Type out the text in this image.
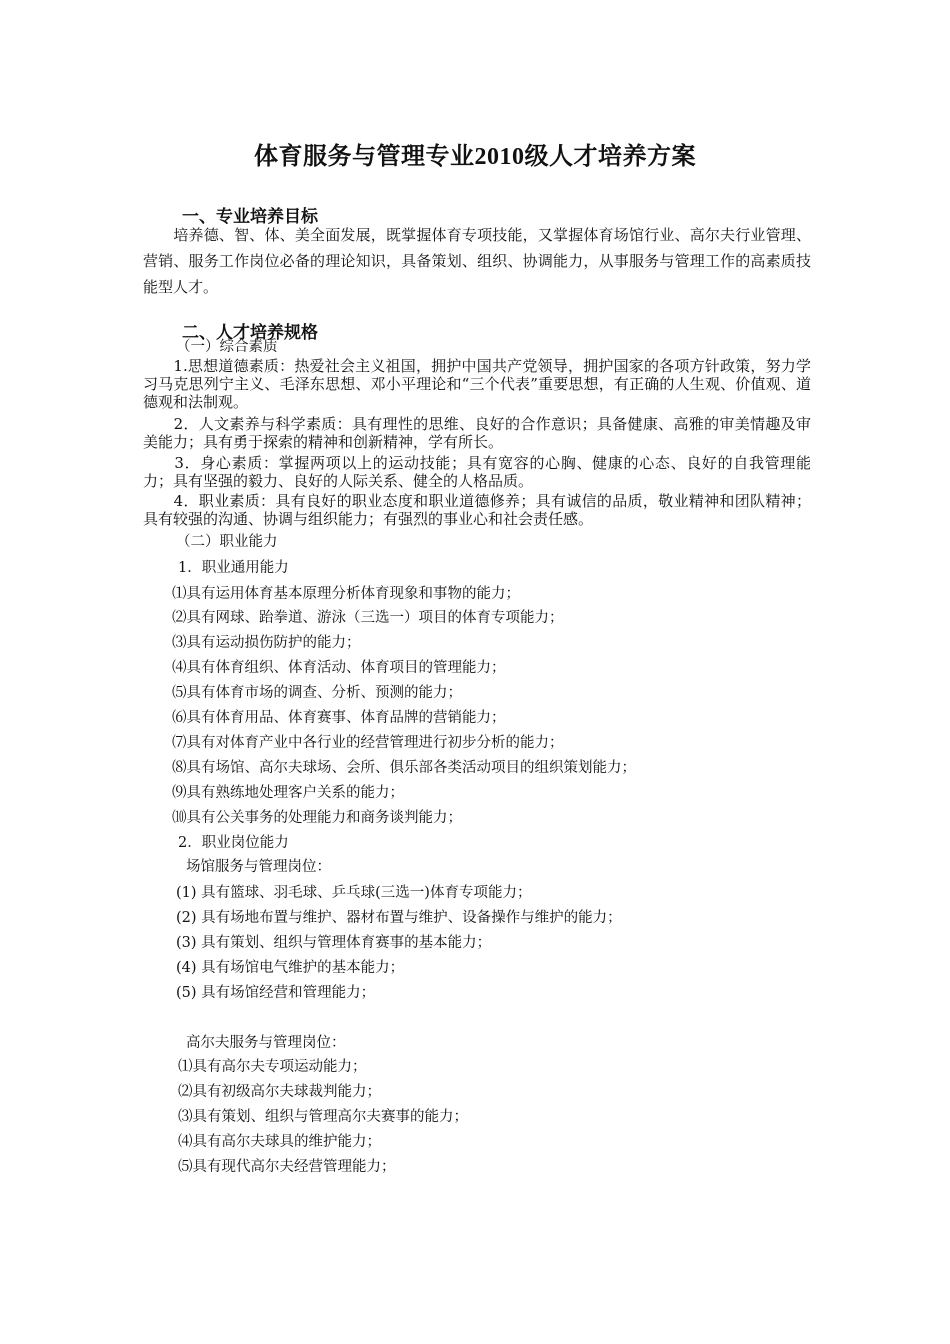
体育服务与管理专业2010级人才培养方案
一、专业培养目标
　　培养德、智、体、美全面发展，既掌握体育专项技能，又掌握体育场馆行业、高尔夫行业管理、营销、服务工作岗位必备的理论知识，具备策划、组织、协调能力，从事服务与管理工作的高素质技能型人才。
二、人才培养规格
（一）综合素质
　　1.思想道德素质：热爱社会主义祖国，拥护中国共产党领导，拥护国家的各项方针政策，努力学习马克思列宁主义、毛泽东思想、邓小平理论和“三个代表”重要思想，有正确的人生观、价值观、道德观和法制观。
　　2．人文素养与科学素质：具有理性的思维、良好的合作意识；具备健康、高雅的审美情趣及审美能力；具有勇于探索的精神和创新精神，学有所长。
　　3．身心素质：掌握两项以上的运动技能；具有宽容的心胸、健康的心态、良好的自我管理能力；具有坚强的毅力、良好的人际关系、健全的人格品质。
　　4．职业素质：具有良好的职业态度和职业道德修养；具有诚信的品质，敬业精神和团队精神；具有较强的沟通、协调与组织能力；有强烈的事业心和社会责任感。
（二）职业能力
1．职业通用能力
⑴具有运用体育基本原理分析体育现象和事物的能力；
⑵具有网球、跆拳道、游泳（三选一）项目的体育专项能力；
⑶具有运动损伤防护的能力；
⑷具有体育组织、体育活动、体育项目的管理能力；
⑸具有体育市场的调查、分析、预测的能力；
⑹具有体育用品、体育赛事、体育品牌的营销能力；
⑺具有对体育产业中各行业的经营管理进行初步分析的能力；
⑻具有场馆、高尔夫球场、会所、俱乐部各类活动项目的组织策划能力；
⑼具有熟练地处理客户关系的能力；
⑽具有公关事务的处理能力和商务谈判能力；
2．职业岗位能力
场馆服务与管理岗位：
(1) 具有篮球、羽毛球、乒乓球(三选一)体育专项能力；
(2) 具有场地布置与维护、器材布置与维护、设备操作与维护的能力；
(3) 具有策划、组织与管理体育赛事的基本能力；
(4) 具有场馆电气维护的基本能力；
(5) 具有场馆经营和管理能力；
高尔夫服务与管理岗位：
⑴具有高尔夫专项运动能力；
⑵具有初级高尔夫球裁判能力；
⑶具有策划、组织与管理高尔夫赛事的能力；
⑷具有高尔夫球具的维护能力；
⑸具有现代高尔夫经营管理能力；
